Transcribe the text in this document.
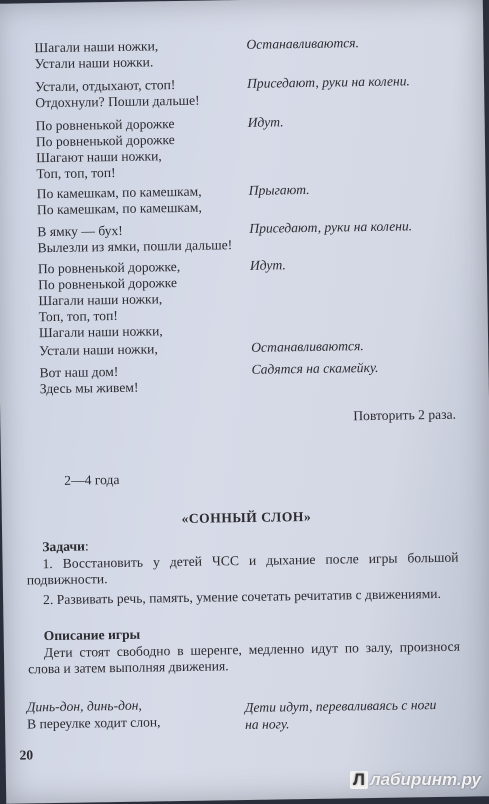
Шагали наши ножки,
Устали наши ножки.
Останавливаются.
Устали, отдыхают, стоп!
Отдохнули? Пошли дальше!
Приседают, руки на колени.
По ровненькой дорожке
По ровненькой дорожке
Шагают наши ножки,
Топ, топ, топ!
Идут.
По камешкам, по камешкам,
По камешкам, по камешкам,
Прыгают.
В ямку — бух!
Вылезли из ямки, пошли дальше!
Приседают, руки на колени.
По ровненькой дорожке,
По ровненькой дорожке
Шагали наши ножки,
Топ, топ, топ!
Шагали наши ножки,
Идут.
Устали наши ножки,	Останавливаются.
Вот наш дом!
Здесь мы живем!
Садятся на скамейку.
Повторить 2 раза.
2—4 года
«СОННЫЙ СЛОН»
Задачи:
1. Восстановить у детей ЧСС и дыхание после игры большой подвижности.
2. Развивать речь, память, умение сочетать речитатив с движениями.
Описание игры
Дети стоят свободно в шеренге, медленно идут по залу, произнося слова и затем выполняя движения.
Динь-дон, динь-дон,
В переулке ходит слон,
Дети идут, переваливаясь с ноги
на ногу.
20
Л лабиринт.ру
